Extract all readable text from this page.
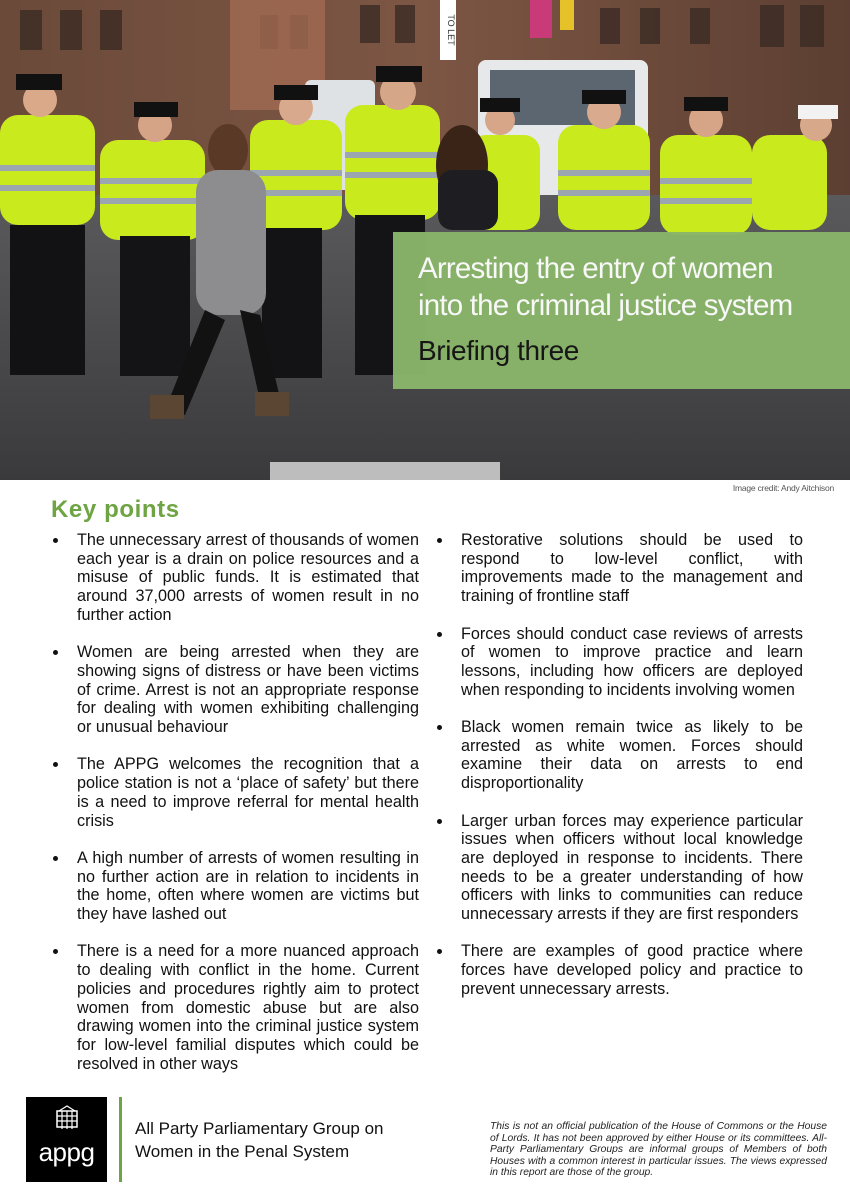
TO LET
Arresting the entry of women
into the criminal justice system
Briefing three
Image credit: Andy Aitchison
Key points
The unnecessary arrest of thousands of women each year is a drain on police resources and a misuse of public funds. It is estimated that around 37,000 arrests of women result in no further action
Women are being arrested when they are showing signs of distress or have been victims of crime. Arrest is not an appropriate response for dealing with women exhibiting challenging or unusual behaviour
The APPG welcomes the recognition that a police station is not a ‘place of safety’ but there is a need to improve referral for mental health crisis
A high number of arrests of women resulting in no further action are in relation to incidents in the home, often where women are victims but they have lashed out
There is a need for a more nuanced approach to dealing with conflict in the home. Current policies and procedures rightly aim to protect women from domestic abuse but are also drawing women into the criminal justice system for low-level familial disputes which could be resolved in other ways
Restorative solutions should be used to respond to low-level conflict, with improvements made to the management and training of frontline staff
Forces should conduct case reviews of arrests of women to improve practice and learn lessons, including how officers are deployed when responding to incidents involving women
Black women remain twice as likely to be arrested as white women. Forces should examine their data on arrests to end disproportionality
Larger urban forces may experience particular issues when officers without local knowledge are deployed in response to incidents. There needs to be a greater understanding of how officers with links to communities can reduce unnecessary arrests if they are first responders
There are examples of good practice where forces have developed policy and practice to prevent unnecessary arrests.
appg
All Party Parliamentary Group on
Women in the Penal System
This is not an official publication of the House of Commons or the House of Lords. It has not been approved by either House or its committees. All-Party Parliamentary Groups are informal groups of Members of both Houses with a common interest in particular issues. The views expressed in this report are those of the group.
